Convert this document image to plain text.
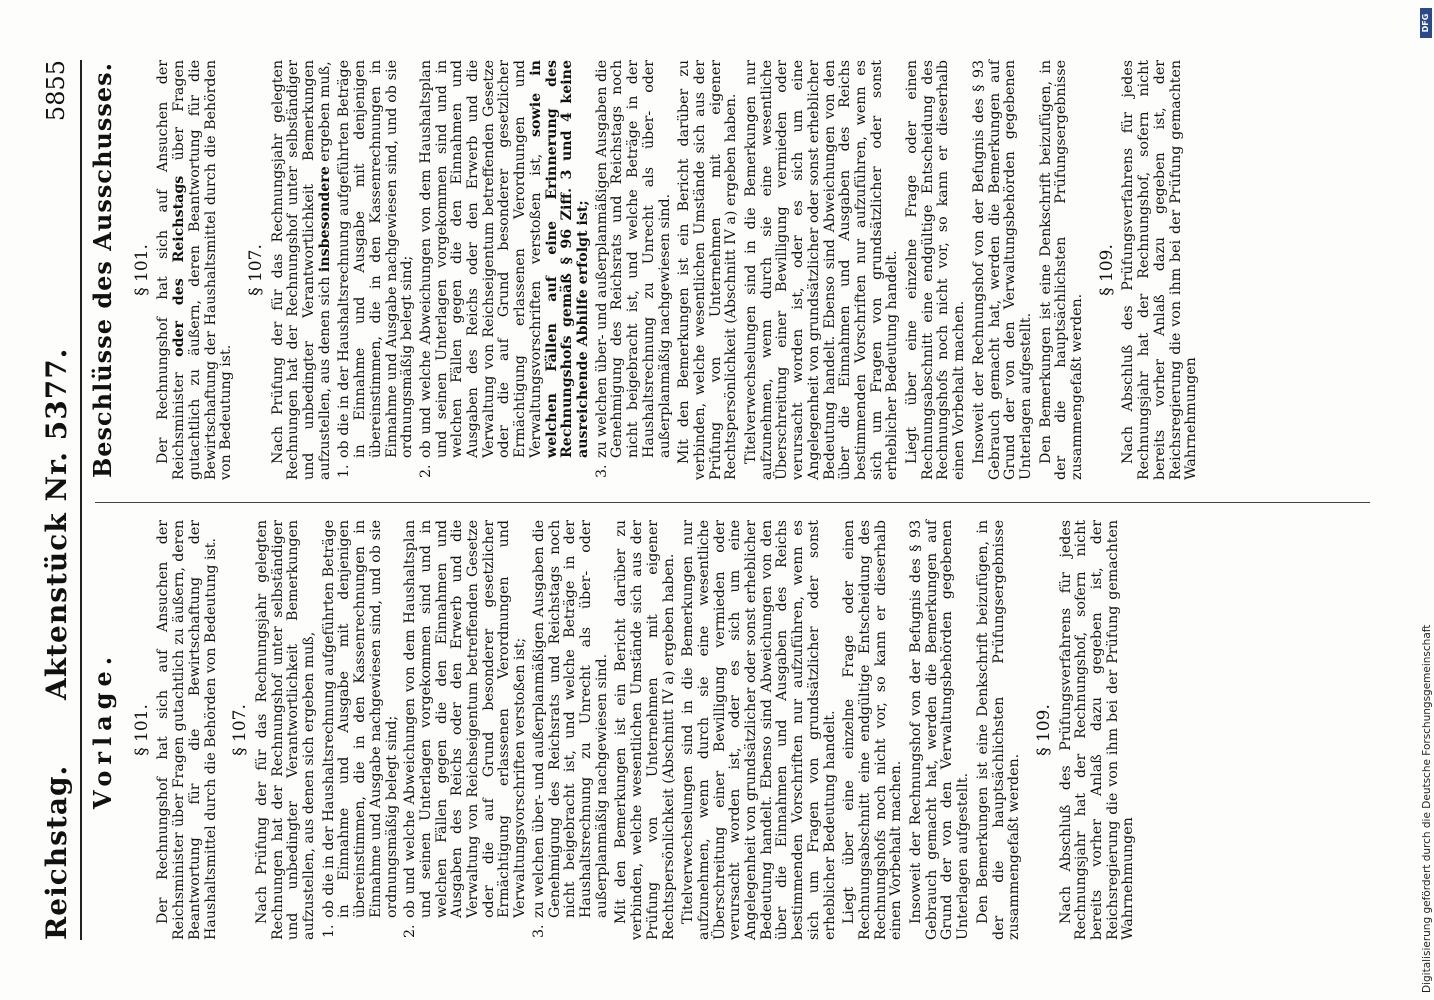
Reichstag.
Aktenstück Nr. 5377.
5855
Vorlage. § 101. Der Rechnungshof hat sich auf Ansuchen der Reichsminister über Fragen gutachtlich zu äußern, deren Beantwortung für die Bewirtschaftung der Haushaltsmittel durch die Behörden von Bedeutung ist. § 107. Nach Prüfung der für das Rechnungsjahr gelegten Rechnungen hat der Rechnungshof unter selbständiger und unbedingter Verantwortlichkeit Bemerkungen aufzustellen, aus denen sich ergeben muß, 1.
ob die in der Haushaltsrechnung aufgeführten Beträge in Einnahme und Ausgabe mit denjenigen übereinstimmen, die in den Kassenrechnungen in Einnahme und Ausgabe nachgewiesen sind, und ob sie ordnungsmäßig belegt sind;
2.
ob und welche Abweichungen von dem Haushaltsplan und seinen Unterlagen vorgekommen sind und in welchen Fällen gegen die den Einnahmen und Ausgaben des Reichs oder den Erwerb und die Verwaltung von Reichseigentum betreffenden Gesetze oder die auf Grund besonderer gesetzlicher Ermächtigung erlassenen Verordnungen und Verwaltungsvorschriften verstoßen ist;
3.
zu welchen über- und außerplanmäßigen Ausgaben die Genehmigung des Reichsrats und Reichstags noch nicht beigebracht ist, und welche Beträge in der Haushaltsrechnung zu Unrecht als über- oder außerplanmäßig nachgewiesen sind. Mit den Bemerkungen ist ein Bericht darüber zu verbinden, welche wesentlichen Umstände sich aus der Prüfung von Unternehmen mit eigener Rechtspersönlichkeit (Abschnitt IV a) ergeben haben. Titelverwechselungen sind in die Bemerkungen nur aufzunehmen, wenn durch sie eine wesentliche Überschreitung einer Bewilligung vermieden oder verursacht worden ist, oder es sich um eine Angelegenheit von grundsätzlicher oder sonst erheblicher Bedeutung handelt. Ebenso sind Abweichungen von den über die Einnahmen und Ausgaben des Reichs bestimmenden Vorschriften nur aufzuführen, wenn es sich um Fragen von grundsätzlicher oder sonst erheblicher Bedeutung handelt. Liegt über eine einzelne Frage oder einen Rechnungsabschnitt eine endgültige Entscheidung des Rechnungshofs noch nicht vor, so kann er dieserhalb einen Vorbehalt machen. Insoweit der Rechnungshof von der Befugnis des § 93 Gebrauch gemacht hat, werden die Bemerkungen auf Grund der von den Verwaltungsbehörden gegebenen Unterlagen aufgestellt. Den Bemerkungen ist eine Denkschrift beizufügen, in der die hauptsächlichsten Prüfungsergebnisse zusammengefaßt werden.

§ 109. Nach Abschluß des Prüfungsverfahrens für jedes Rechnungsjahr hat der Rechnungshof, sofern nicht bereits vorher Anlaß dazu gegeben ist, der Reichsregierung die von ihm bei der Prüfung gemachten Wahrnehmungen

Beschlüsse des Ausschusses. § 101. Der Rechnungshof hat sich auf Ansuchen der Reichsminister oder des Reichstags über Fragen gutachtlich zu äußern, deren Beantwortung für die Bewirtschaftung der Haushaltsmittel durch die Behörden von Bedeutung ist.

§ 107. Nach Prüfung der für das Rechnungsjahr gelegten Rechnungen hat der Rechnungshof unter selbständiger und unbedingter Verantwortlichkeit Bemerkungen aufzustellen, aus denen sich insbesondere ergeben muß,

1.
ob die in der Haushaltsrechnung aufgeführten Beträge in Einnahme und Ausgabe mit denjenigen übereinstimmen, die in den Kassenrechnungen in Einnahme und Ausgabe nachgewiesen sind, und ob sie ordnungsmäßig belegt sind;
2.
ob und welche Abweichungen von dem Haushaltsplan und seinen Unterlagen vorgekommen sind und in welchen Fällen gegen die den Einnahmen und Ausgaben des Reichs oder den Erwerb und die Verwaltung von Reichseigentum betreffenden Gesetze oder die auf Grund besonderer gesetzlicher Ermächtigung erlassenen Verordnungen und Verwaltungsvorschriften verstoßen ist, sowie in welchen Fällen auf eine Erinnerung des Rechnungshofs gemäß § 96 Ziff. 3 und 4 keine ausreichende Abhilfe erfolgt ist;
3.
zu welchen über- und außerplanmäßigen Ausgaben die Genehmigung des Reichsrats und Reichstags noch nicht beigebracht ist, und welche Beträge in der Haushaltsrechnung zu Unrecht als über- oder außerplanmäßig nachgewiesen sind. Mit den Bemerkungen ist ein Bericht darüber zu verbinden, welche wesentlichen Umstände sich aus der Prüfung von Unternehmen mit eigener Rechtspersönlichkeit (Abschnitt IV a) ergeben haben. Titelverwechselungen sind in die Bemerkungen nur aufzunehmen, wenn durch sie eine wesentliche Überschreitung einer Bewilligung vermieden oder verursacht worden ist, oder es sich um eine Angelegenheit von grundsätzlicher oder sonst erheblicher Bedeutung handelt. Ebenso sind Abweichungen von den über die Einnahmen und Ausgaben des Reichs bestimmenden Vorschriften nur aufzuführen, wenn es sich um Fragen von grundsätzlicher oder sonst erheblicher Bedeutung handelt. Liegt über eine einzelne Frage oder einen Rechnungsabschnitt eine endgültige Entscheidung des Rechnungshofs noch nicht vor, so kann er dieserhalb einen Vorbehalt machen. Insoweit der Rechnungshof von der Befugnis des § 93 Gebrauch gemacht hat, werden die Bemerkungen auf Grund der von den Verwaltungsbehörden gegebenen Unterlagen aufgestellt. Den Bemerkungen ist eine Denkschrift beizufügen, in der die hauptsächlichsten Prüfungsergebnisse zusammengefaßt werden.

§ 109. Nach Abschluß des Prüfungsverfahrens für jedes Rechnungsjahr hat der Rechnungshof, sofern nicht bereits vorher Anlaß dazu gegeben ist, der Reichsregierung die von ihm bei der Prüfung gemachten Wahrnehmungen

Digitalisierung gefördert durch die Deutsche Forschungsgemeinschaft
DFG
